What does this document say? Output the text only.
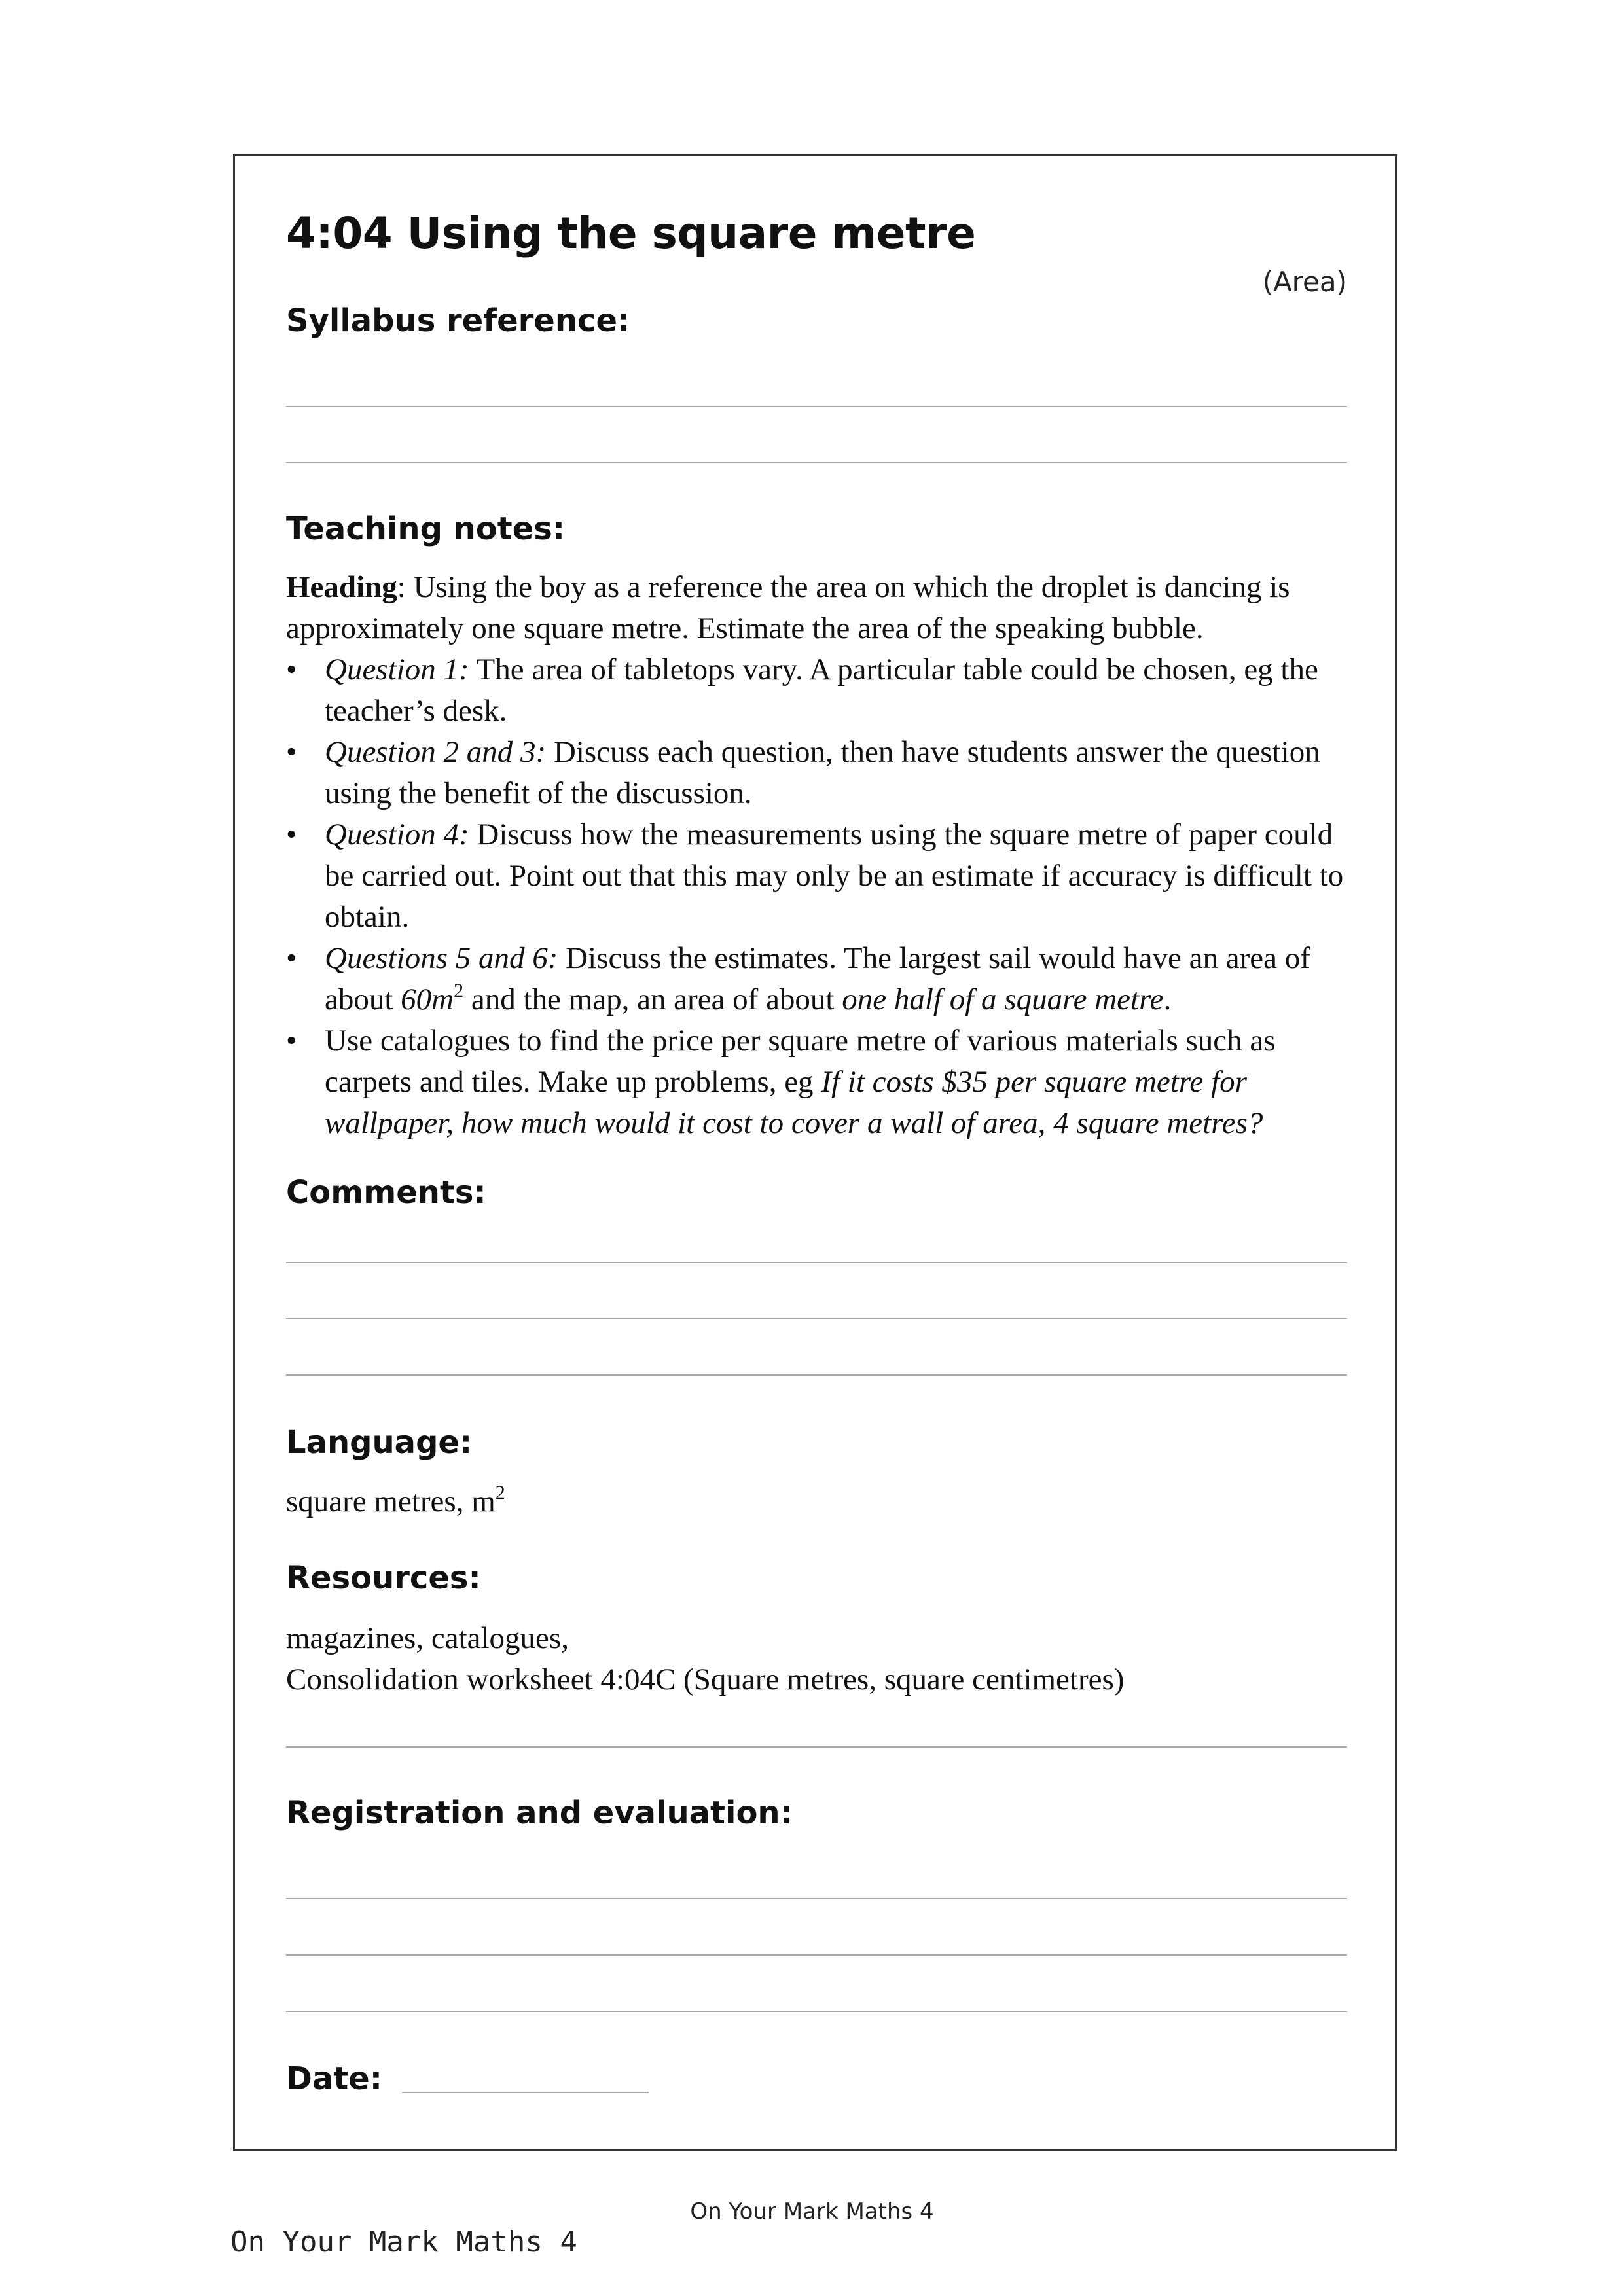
4:04 Using the square metre
(Area)
Syllabus reference:
Teaching notes:

Heading: Using the boy as a reference the area on which the droplet is dancing is approximately one square metre. Estimate the area of the speaking bubble.

• Question 1: The area of tabletops vary. A particular table could be chosen, eg the teacher’s desk.
• Question 2 and 3: Discuss each question, then have students answer the question using the benefit of the discussion.
• Question 4: Discuss how the measurements using the square metre of paper could be carried out. Point out that this may only be an estimate if accuracy is difficult to obtain.
• Questions 5 and 6: Discuss the estimates. The largest sail would have an area of about $60m^2$ and the map, an area of about one half of a square metre.
• Use catalogues to find the price per square metre of various materials such as carpets and tiles. Make up problems, eg If it costs $35 per square metre for wallpaper, how much would it cost to cover a wall of area, 4 square metres?
Comments:
Language:

square metres, $m^2$

Resources:

magazines, catalogues,

Consolidation worksheet 4:04C (Square metres, square centimetres)

Registration and evaluation:
Date:
On Your Mark Maths 4
On Your Mark Maths 4
